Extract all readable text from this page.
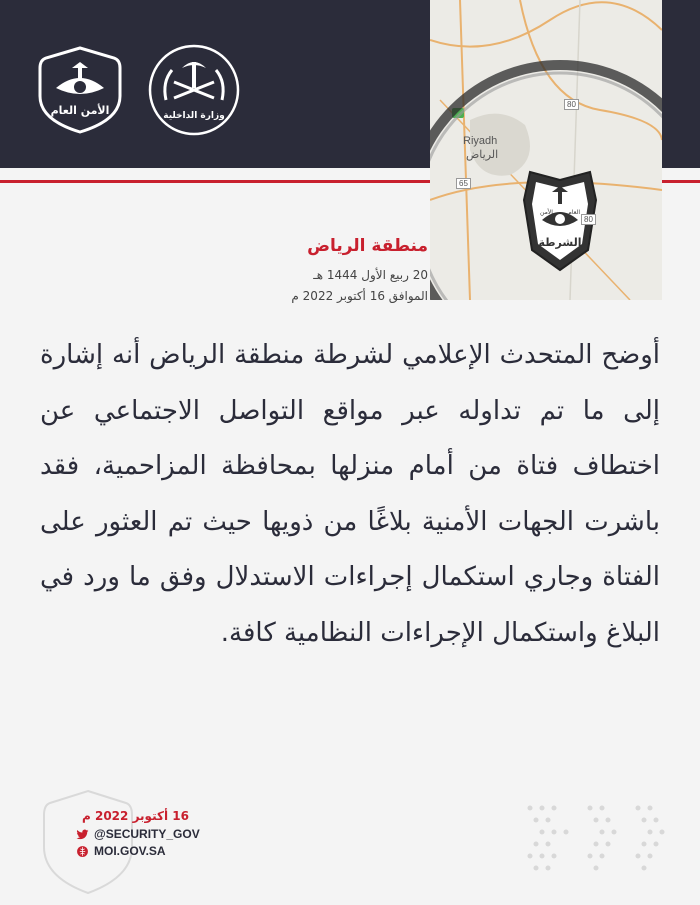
الأمن العام	وزارة الداخلية
الأمن	العام
الشرطة
Riyadh
الرياض
80
65
80
منطقة الرياض
20 ربيع الأول 1444 هـ
الموافق 16 أكتوبر 2022 م
أوضح المتحدث الإعلامي لشرطة منطقة الرياض أنه إشارة إلى ما تم تداوله عبر مواقع التواصل الاجتماعي عن اختطاف فتاة من أمام منزلها بمحافظة المزاحمية، فقد باشرت الجهات الأمنية بلاغًا من ذويها حيث تم العثور على الفتاة وجاري استكمال إجراءات الاستدلال وفق ما ورد في البلاغ واستكمال الإجراءات النظامية كافة.
16 أكتوبر 2022 م
@SECURITY_GOV
MOI.GOV.SA
